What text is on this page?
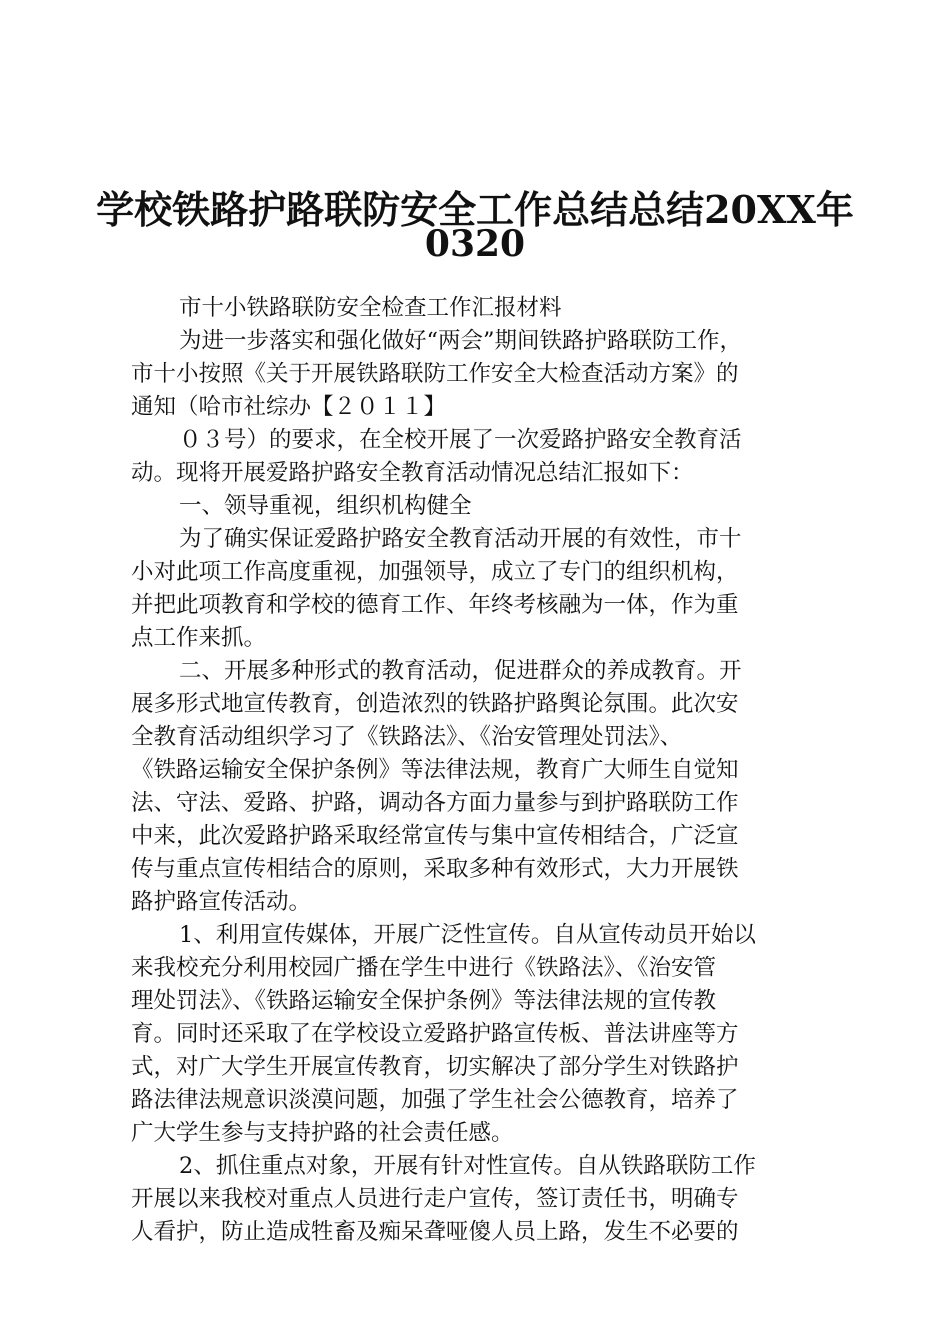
学校铁路护路联防安全工作总结总结20XX年
0320
市十小铁路联防安全检查工作汇报材料
为进一步落实和强化做好“两会”期间铁路护路联防工作，
市十小按照《关于开展铁路联防工作安全大检查活动方案》的
通知（哈市社综办【２０１１】
０３号）的要求，在全校开展了一次爱路护路安全教育活
动。现将开展爱路护路安全教育活动情况总结汇报如下：
一、领导重视，组织机构健全
为了确实保证爱路护路安全教育活动开展的有效性，市十
小对此项工作高度重视，加强领导，成立了专门的组织机构，
并把此项教育和学校的德育工作、年终考核融为一体，作为重
点工作来抓。
二、开展多种形式的教育活动，促进群众的养成教育。开
展多形式地宣传教育，创造浓烈的铁路护路舆论氛围。此次安
全教育活动组织学习了《铁路法》、《治安管理处罚法》、
《铁路运输安全保护条例》等法律法规，教育广大师生自觉知
法、守法、爱路、护路，调动各方面力量参与到护路联防工作
中来，此次爱路护路采取经常宣传与集中宣传相结合，广泛宣
传与重点宣传相结合的原则，采取多种有效形式，大力开展铁
路护路宣传活动。
1、利用宣传媒体，开展广泛性宣传。自从宣传动员开始以
来我校充分利用校园广播在学生中进行《铁路法》、《治安管
理处罚法》、《铁路运输安全保护条例》等法律法规的宣传教
育。同时还采取了在学校设立爱路护路宣传板、普法讲座等方
式，对广大学生开展宣传教育，切实解决了部分学生对铁路护
路法律法规意识淡漠问题，加强了学生社会公德教育，培养了
广大学生参与支持护路的社会责任感。
2、抓住重点对象，开展有针对性宣传。自从铁路联防工作
开展以来我校对重点人员进行走户宣传，签订责任书，明确专
人看护，防止造成牲畜及痴呆聋哑傻人员上路，发生不必要的
